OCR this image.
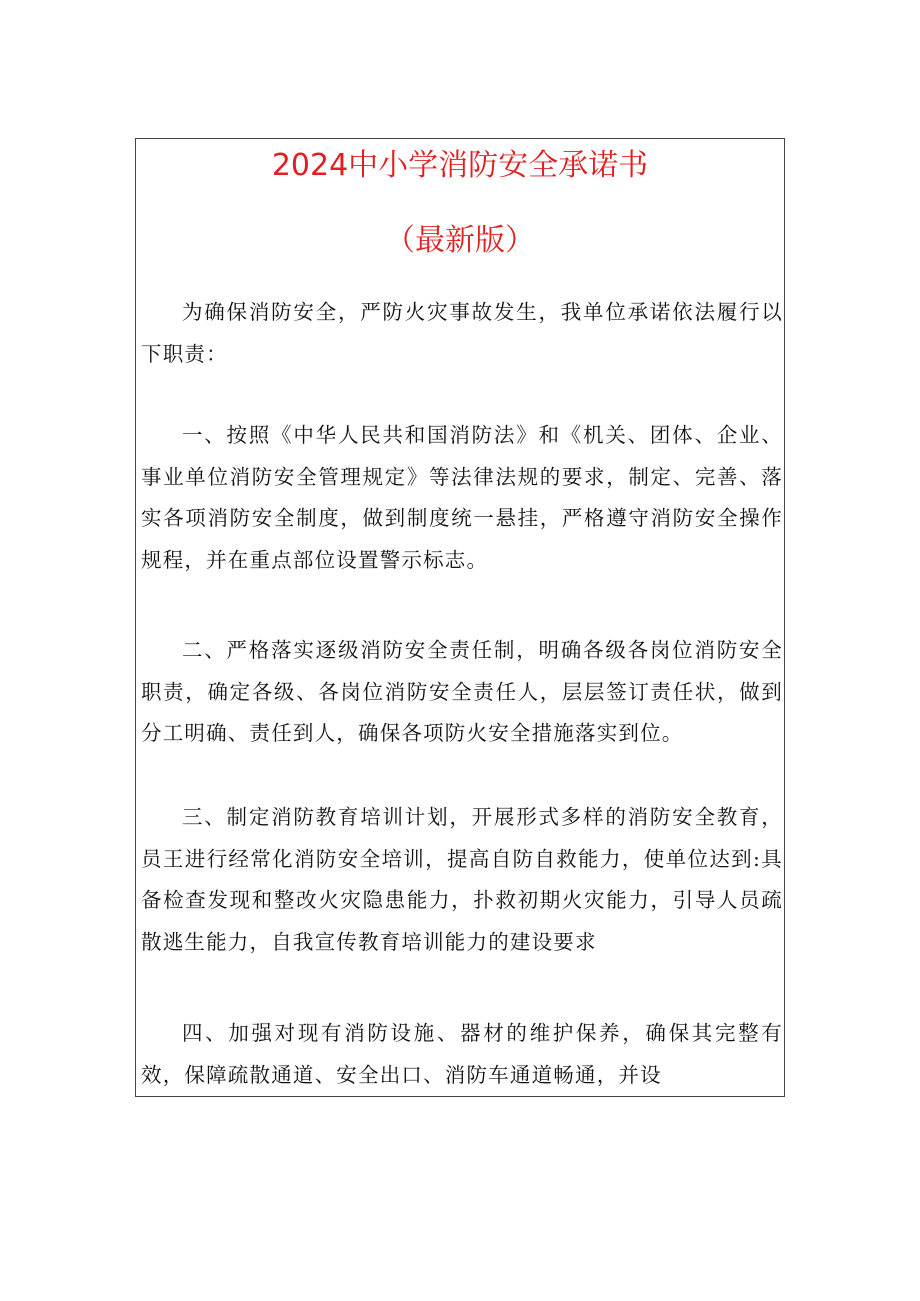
2024中小学消防安全承诺书
（最新版）

为确保消防安全，严防火灾事故发生，我单位承诺依法履行以下职责：

一、按照《中华人民共和国消防法》和《机关、团体、企业、事业单位消防安全管理规定》等法律法规的要求，制定、完善、落实各项消防安全制度，做到制度统一悬挂，严格遵守消防安全操作规程，并在重点部位设置警示标志。

二、严格落实逐级消防安全责任制，明确各级各岗位消防安全职责，确定各级、各岗位消防安全责任人，层层签订责任状，做到分工明确、责任到人，确保各项防火安全措施落实到位。

三、制定消防教育培训计划，开展形式多样的消防安全教育，员王进行经常化消防安全培训，提高自防自救能力，使单位达到:具备检查发现和整改火灾隐患能力，扑救初期火灾能力，引导人员疏散逃生能力，自我宣传教育培训能力的建设要求

四、加强对现有消防设施、器材的维护保养，确保其完整有效，保障疏散通道、安全出口、消防车通道畅通，并设
